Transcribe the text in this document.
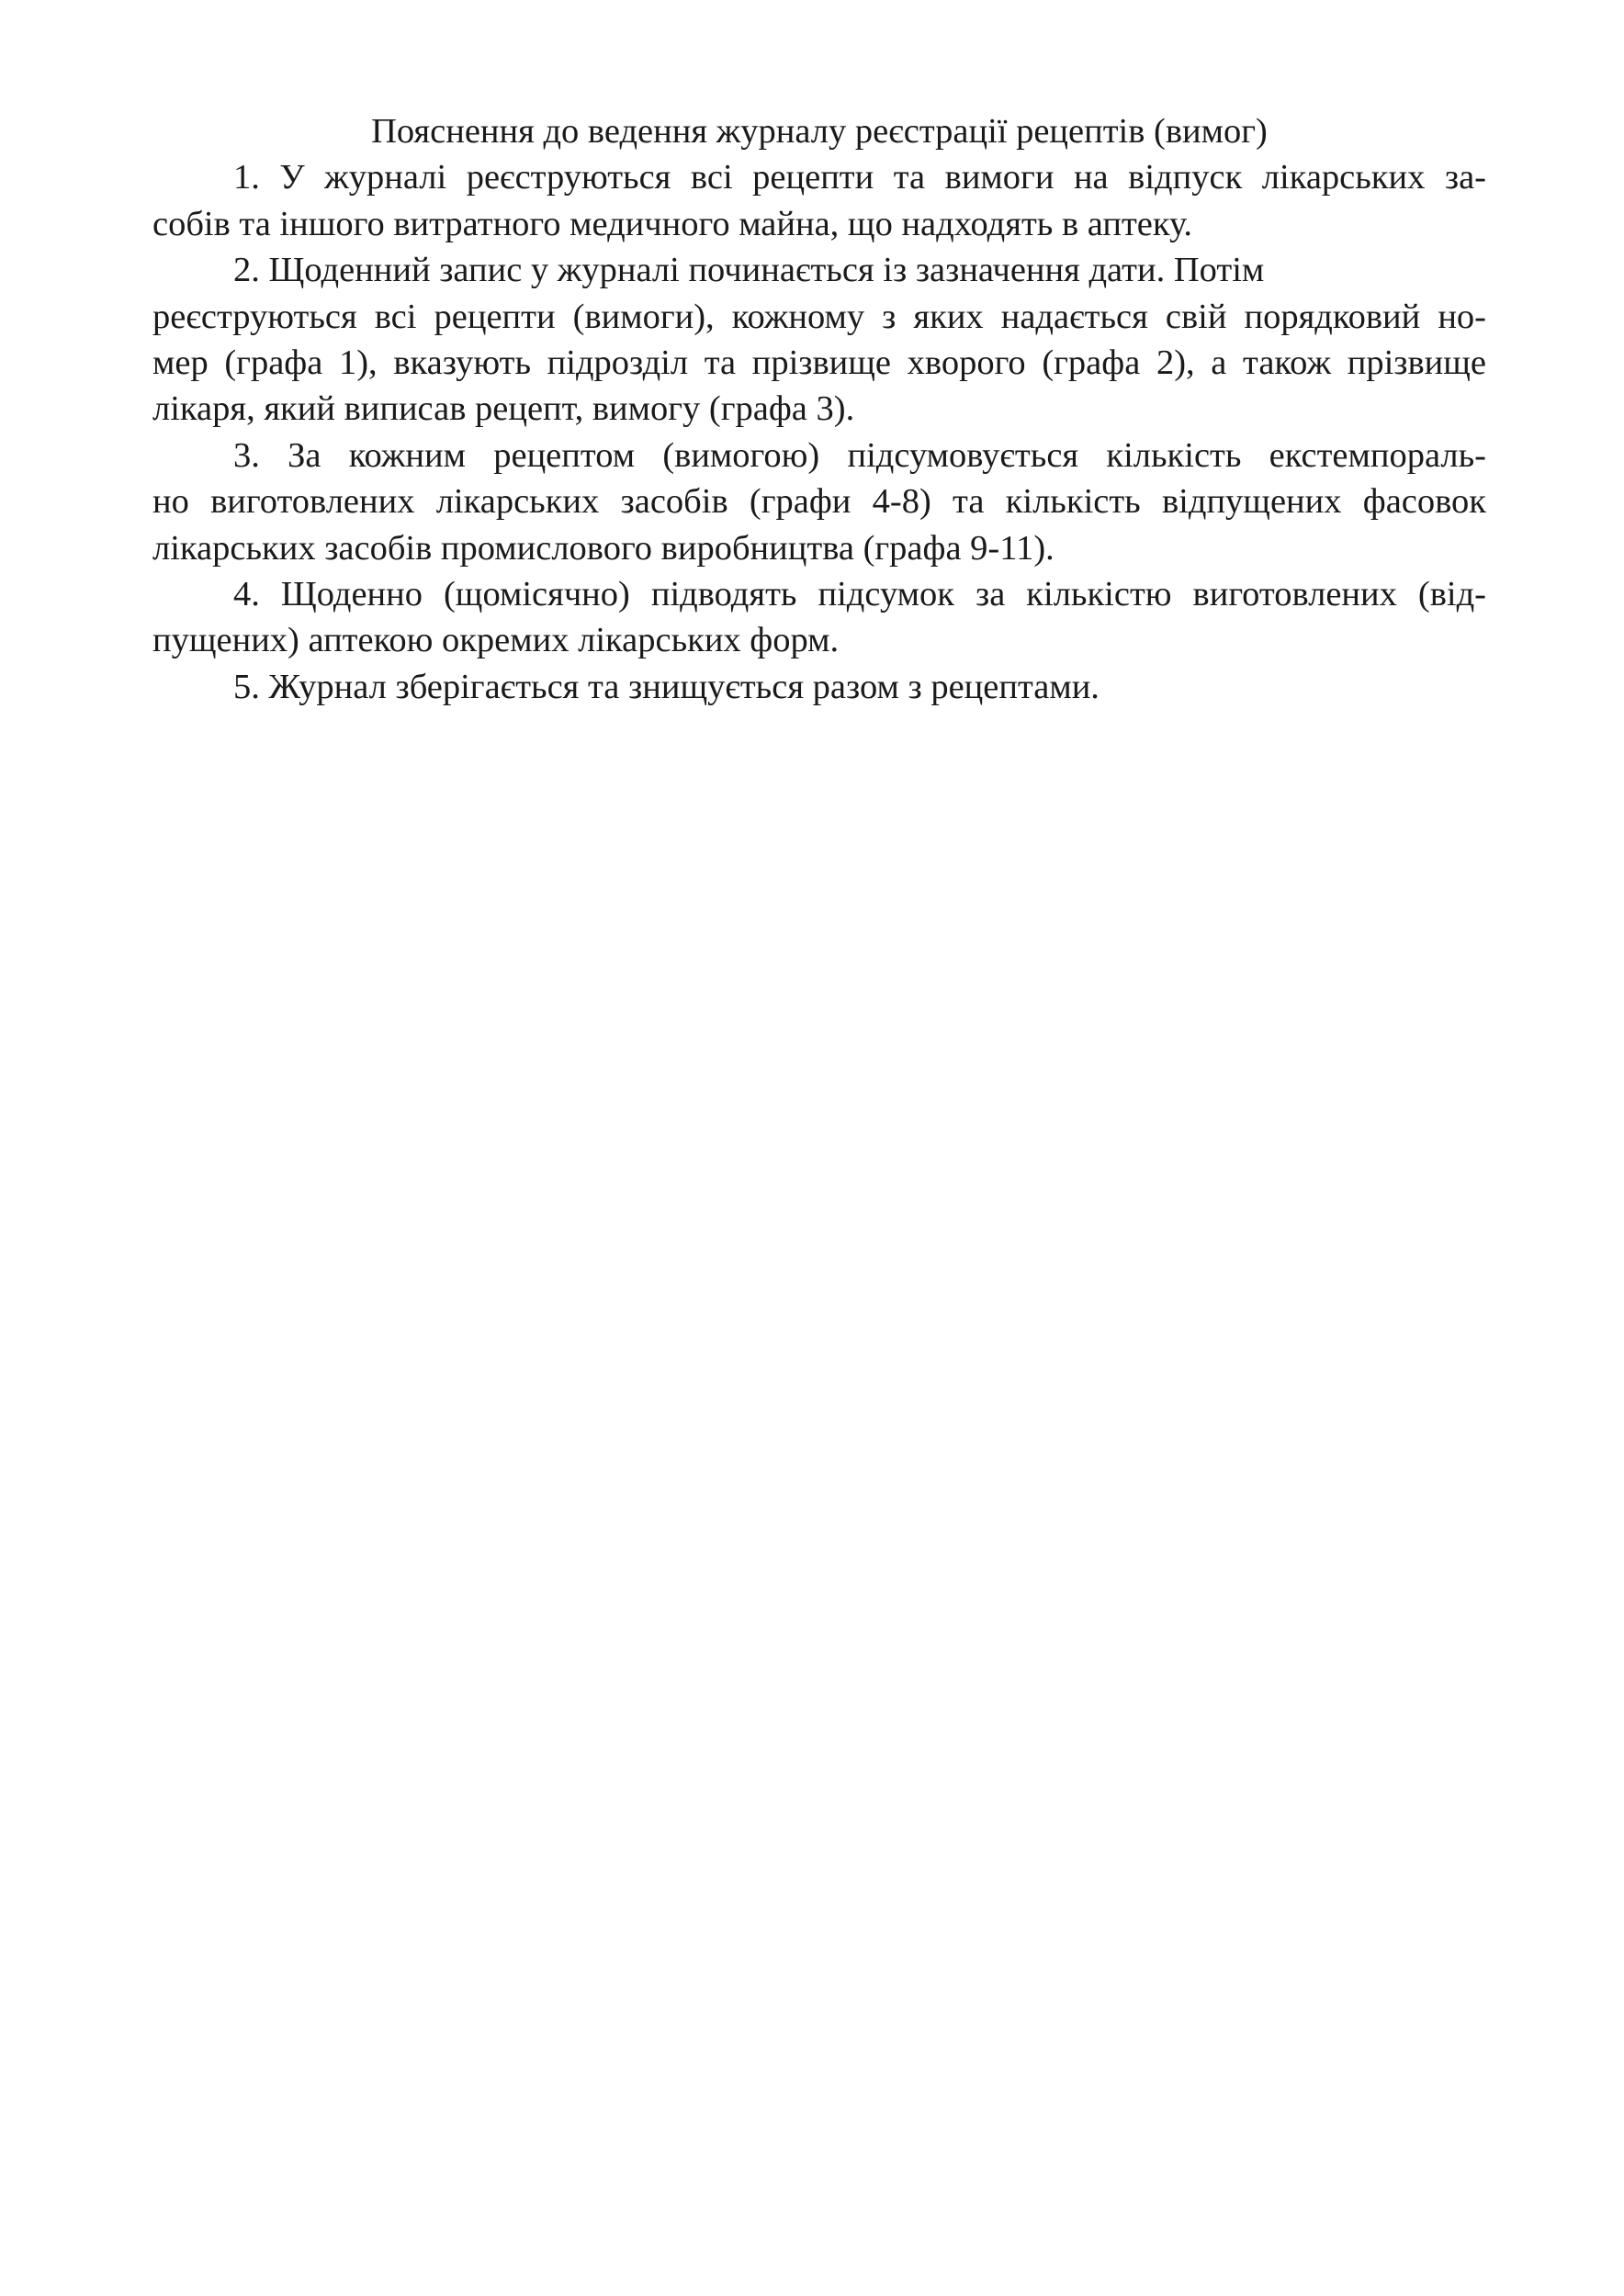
Пояснення до ведення журналу реєстрації рецептів (вимог)
1. У журналі реєструються всі рецепти та вимоги на відпуск лікарських за-
собів та іншого витратного медичного майна, що надходять в аптеку.
2. Щоденний запис у журналі починається із зазначення дати. Потім
реєструються всі рецепти (вимоги), кожному з яких надається свій порядковий но-
мер (графа 1), вказують підрозділ та прізвище хворого (графа 2), а також прізвище
лікаря, який виписав рецепт, вимогу (графа 3).
3. За кожним рецептом (вимогою) підсумовується кількість екстемпораль-
но виготовлених лікарських засобів (графи 4-8) та кількість відпущених фасовок
лікарських засобів промислового виробництва (графа 9-11).
4. Щоденно (щомісячно) підводять підсумок за кількістю виготовлених (від-
пущених) аптекою окремих лікарських форм.
5. Журнал зберігається та знищується разом з рецептами.
